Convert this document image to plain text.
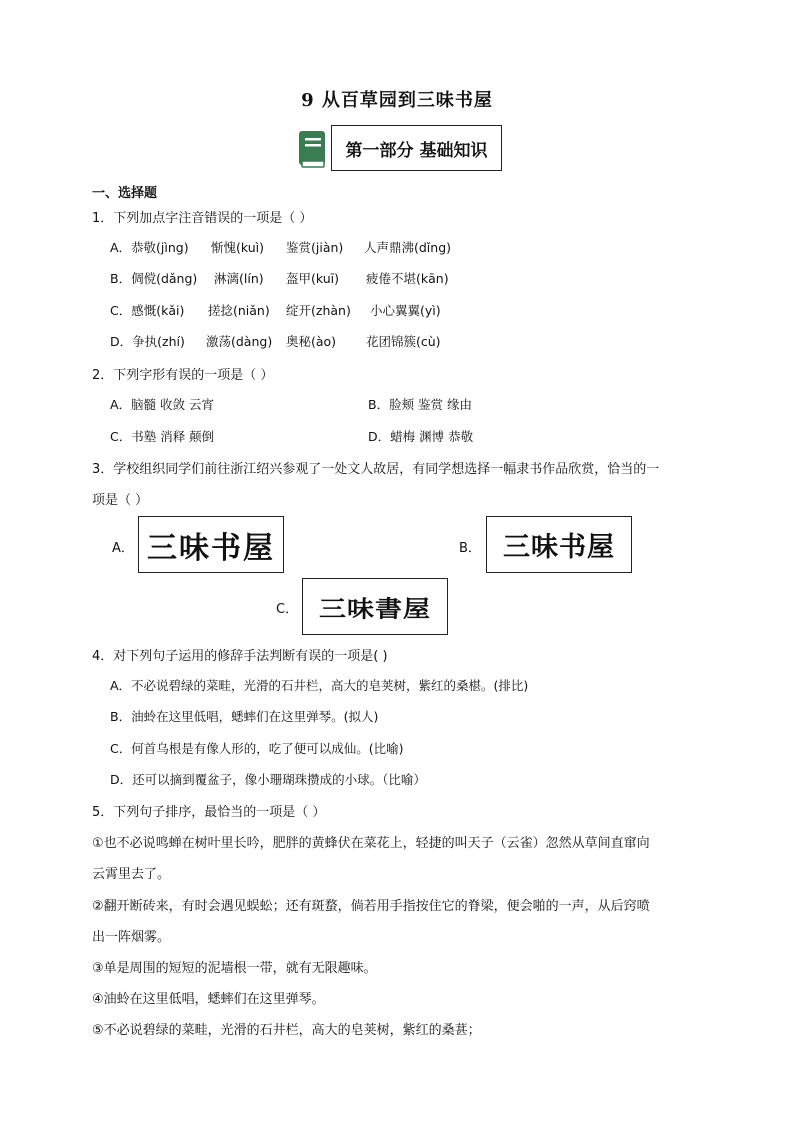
9 从百草园到三味书屋
第一部分 基础知识
一、选择题
1．下列加点字注音错误的一项是（ ）
A．恭敬(jìng) 惭愧(kuì) 鉴赏(jiàn) 人声鼎沸(dǐng)
B．倜傥(dǎng) 淋漓(lín) 盔甲(kuī) 疲倦不堪(kān)
C．感慨(kǎi) 搓捻(niǎn) 绽开(zhàn) 小心翼翼(yì)
D．争执(zhí) 激荡(dàng) 奥秘(ào) 花团锦簇(cù)
2．下列字形有误的一项是（ ）
A．脑髓 收敛 云宵	B．脸颊 鉴赏 缘由
C．书塾 消释 颠倒	D．蜡梅 渊博 恭敬
3．学校组织同学们前往浙江绍兴参观了一处文人故居，有同学想选择一幅隶书作品欣赏，恰当的一
项是（ ）
A． 三味书屋	B． 三味书屋
C． 三味書屋
4．对下列句子运用的修辞手法判断有误的一项是( )
A．不必说碧绿的菜畦，光滑的石井栏，高大的皂荚树，紫红的桑椹。(排比)
B．油蛉在这里低唱，蟋蟀们在这里弹琴。(拟人)
C．何首乌根是有像人形的，吃了便可以成仙。(比喻)
D．还可以摘到覆盆子，像小珊瑚珠攒成的小球。（比喻）
5．下列句子排序，最恰当的一项是（ ）
①也不必说鸣蝉在树叶里长吟，肥胖的黄蜂伏在菜花上，轻捷的叫天子（云雀）忽然从草间直窜向
云霄里去了。
②翻开断砖来，有时会遇见蜈蚣；还有斑蝥，倘若用手指按住它的脊梁，便会啪的一声，从后窍喷
出一阵烟雾。
③单是周围的短短的泥墙根一带，就有无限趣味。
④油蛉在这里低唱，蟋蟀们在这里弹琴。
⑤不必说碧绿的菜畦，光滑的石井栏，高大的皂荚树，紫红的桑葚；
